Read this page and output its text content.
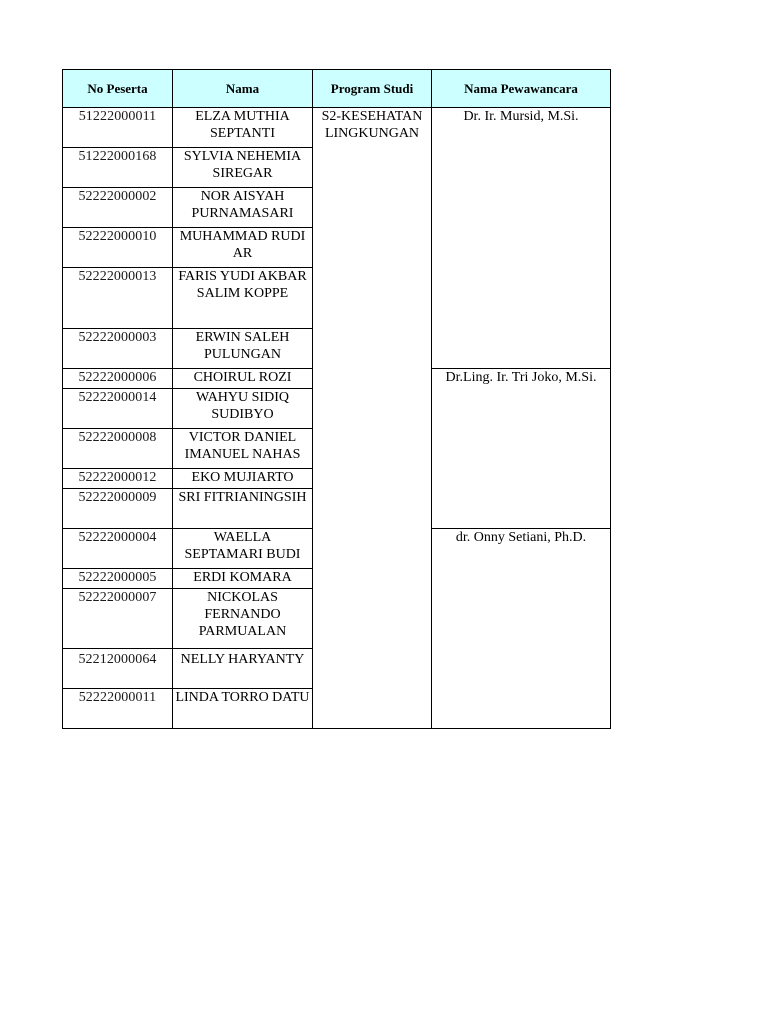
No Peserta	Nama	Program Studi	Nama Pewawancara
51222000011	ELZA MUTHIA SEPTANTI	S2-KESEHATAN LINGKUNGAN	Dr. Ir. Mursid, M.Si.
51222000168	SYLVIA NEHEMIA SIREGAR		
52222000002	NOR AISYAH PURNAMASARI		
52222000010	MUHAMMAD RUDI AR		
52222000013	FARIS YUDI AKBAR SALIM KOPPE		
52222000003	ERWIN SALEH PULUNGAN		
52222000006	CHOIRUL ROZI		Dr.Ling. Ir. Tri Joko, M.Si.
52222000014	WAHYU SIDIQ SUDIBYO		
52222000008	VICTOR DANIEL IMANUEL NAHAS		
52222000012	EKO MUJIARTO		
52222000009	SRI FITRIANINGSIH		
52222000004	WAELLA SEPTAMARI BUDI		dr. Onny Setiani, Ph.D.
52222000005	ERDI KOMARA		
52222000007	NICKOLAS FERNANDO PARMUALAN		
52212000064	NELLY HARYANTY		
52222000011	LINDA TORRO DATU		
